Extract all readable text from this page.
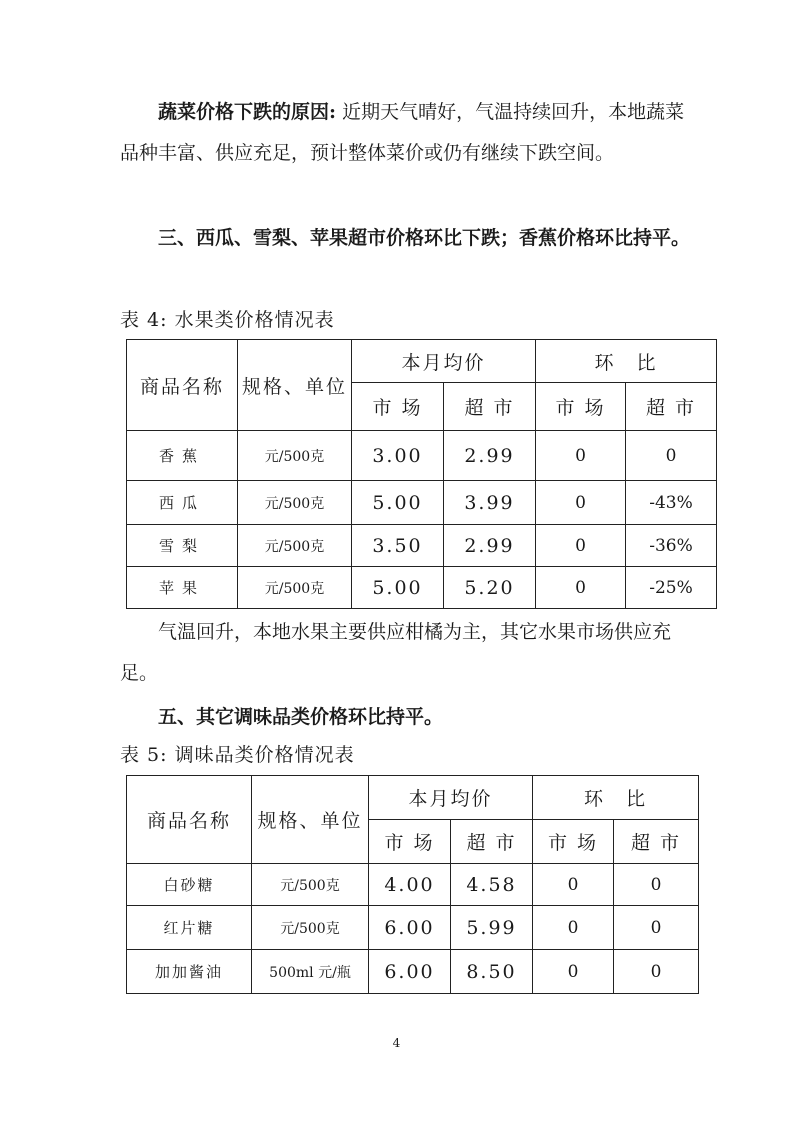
蔬菜价格下跌的原因: 近期天气晴好，气温持续回升，本地蔬菜品种丰富、供应充足，预计整体菜价或仍有继续下跌空间。

三、西瓜、雪梨、苹果超市价格环比下跌；香蕉价格环比持平。

表 4: 水果类价格情况表

商品名称	规格、单位	本月均价		环　比	
		市 场	超 市	市 场	超 市
香蕉	元/500克	3.00	2.99	0	0
西瓜	元/500克	5.00	3.99	0	-43%
雪梨	元/500克	3.50	2.99	0	-36%
苹果	元/500克	5.00	5.20	0	-25%

气温回升，本地水果主要供应柑橘为主，其它水果市场供应充足。

五、其它调味品类价格环比持平。

表 5: 调味品类价格情况表

商品名称	规格、单位	本月均价		环　比	
		市 场	超 市	市 场	超 市
白砂糖	元/500克	4.00	4.58	0	0
红片糖	元/500克	6.00	5.99	0	0
加加酱油	500ml 元/瓶	6.00	8.50	0	0
4
